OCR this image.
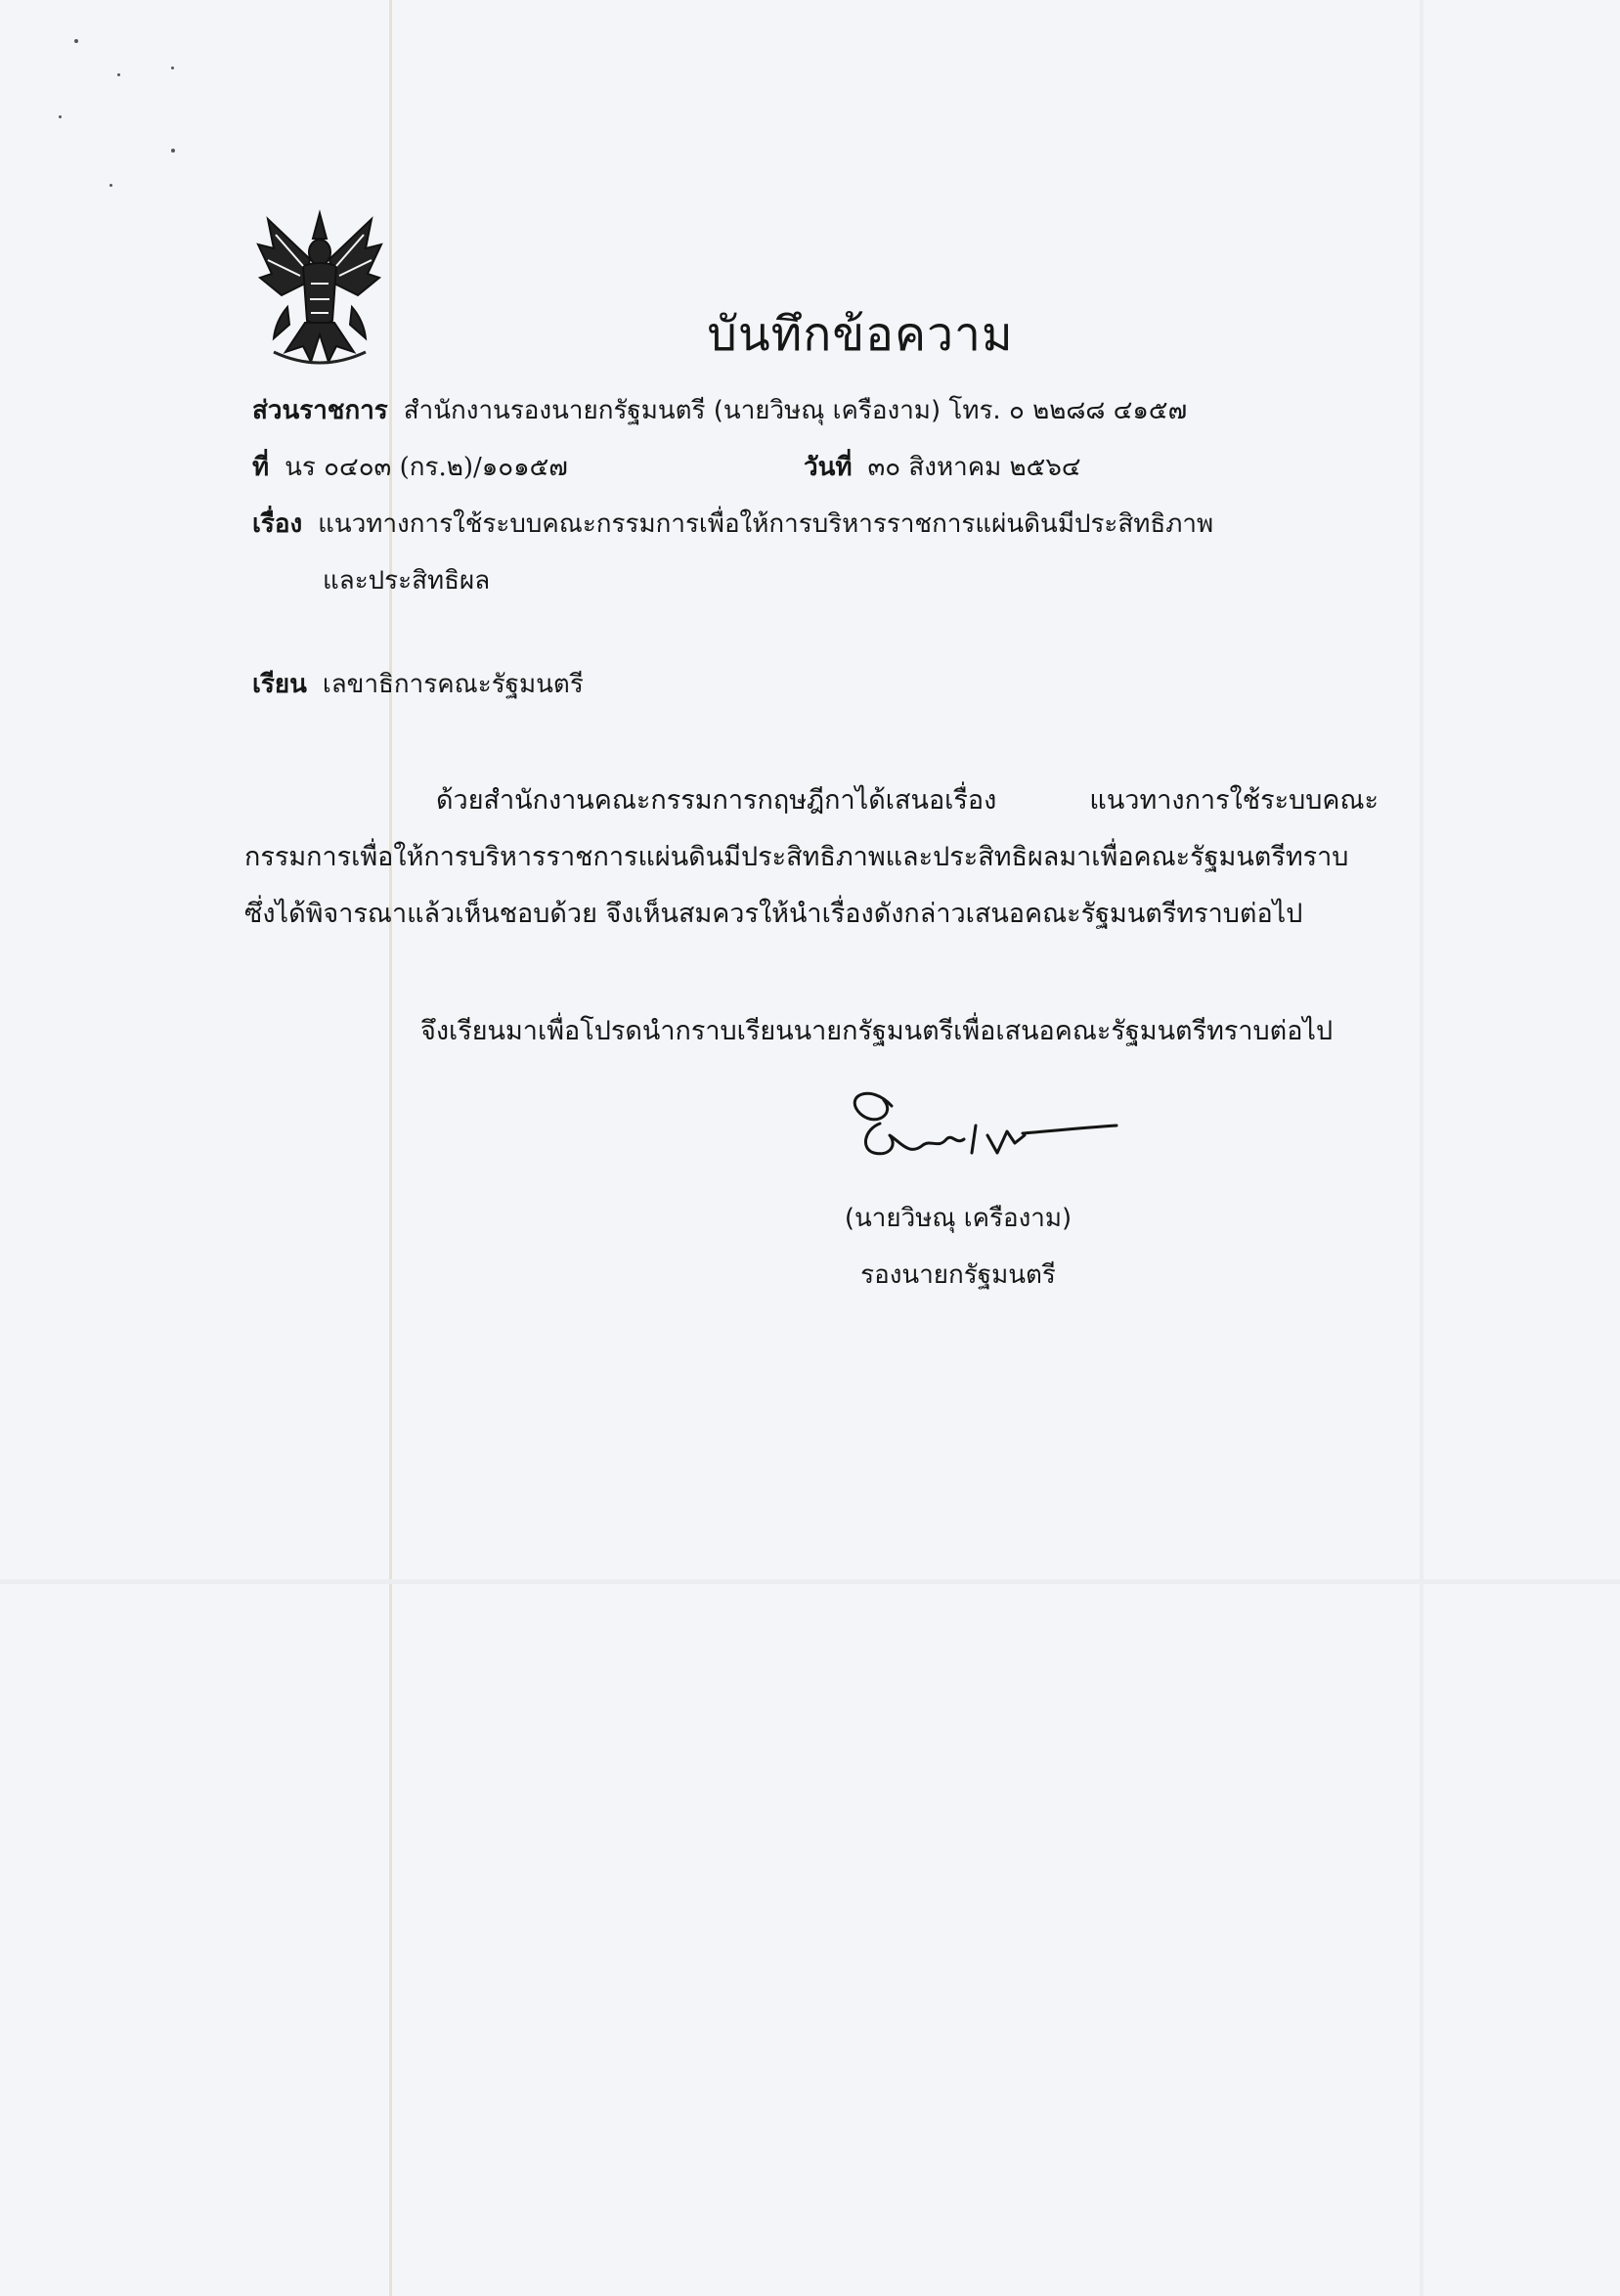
บันทึกข้อความ
ส่วนราชการ สำนักงานรองนายกรัฐมนตรี (นายวิษณุ เครืองาม) โทร. ๐ ๒๒๘๘ ๔๑๕๗
ที่ นร ๐๔๐๓ (กร.๒)/๑๐๑๕๗	วันที่ ๓๐ สิงหาคม ๒๕๖๔
เรื่อง แนวทางการใช้ระบบคณะกรรมการเพื่อให้การบริหารราชการแผ่นดินมีประสิทธิภาพ
และประสิทธิผล
เรียน เลขาธิการคณะรัฐมนตรี

ด้วยสำนักงานคณะกรรมการกฤษฎีกาได้เสนอเรื่อง แนวทางการใช้ระบบคณะกรรมการเพื่อให้การบริหารราชการแผ่นดินมีประสิทธิภาพและประสิทธิผลมาเพื่อคณะรัฐมนตรีทราบ ซึ่งได้พิจารณาแล้วเห็นชอบด้วย จึงเห็นสมควรให้นำเรื่องดังกล่าวเสนอคณะรัฐมนตรีทราบต่อไป

จึงเรียนมาเพื่อโปรดนำกราบเรียนนายกรัฐมนตรีเพื่อเสนอคณะรัฐมนตรีทราบต่อไป
(นายวิษณุ เครืองาม)
รองนายกรัฐมนตรี
